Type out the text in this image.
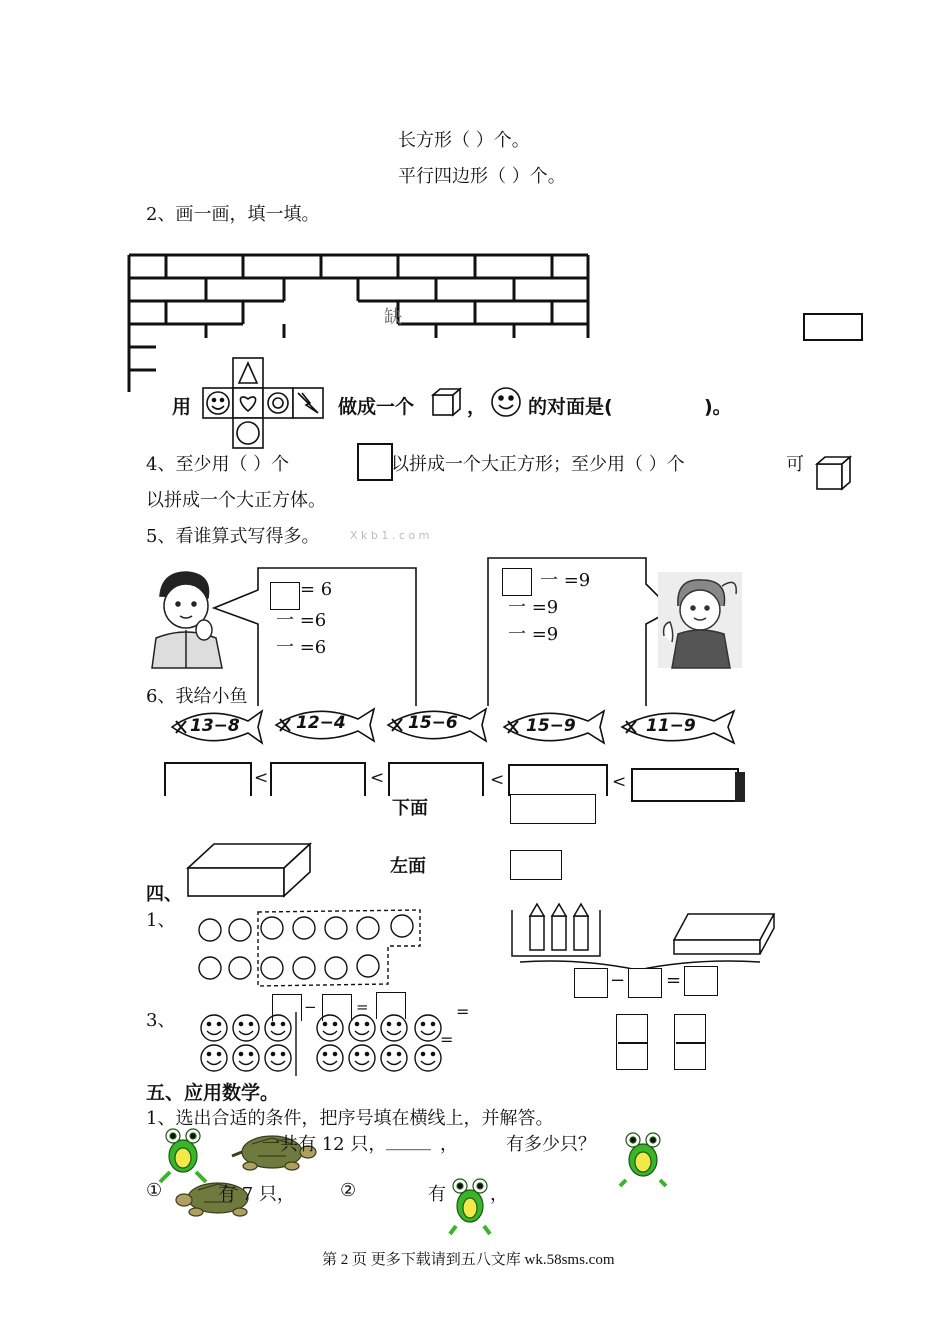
长方形（ ）个。
平行四边形（ ）个。
2、画一画，填一填。
缺
用	做成一个	， 的对面是(	)。
4、至少用（ ）个	以拼成一个大正方形；至少用（ ）个	可
以拼成一个大正方体。
5、看谁算式写得多。	X k b 1 . c o m
= 6
一 =6
一 =6
一 =9
一 =9
一 =9
6、我给小鱼
13−8	12−4	15−6	15−9	11−9
<	<	<	<
下面
左面
四、
1、
− =
3、
−	=	=
=
五、应用数学。
1、选出合适的条件，把序号填在横线上，并解答。
一共有 12 只， _____ ，	有多少只？
①	有 7 只，	②	有 ，
第 2 页 更多下载请到五八文库 wk.58sms.com
